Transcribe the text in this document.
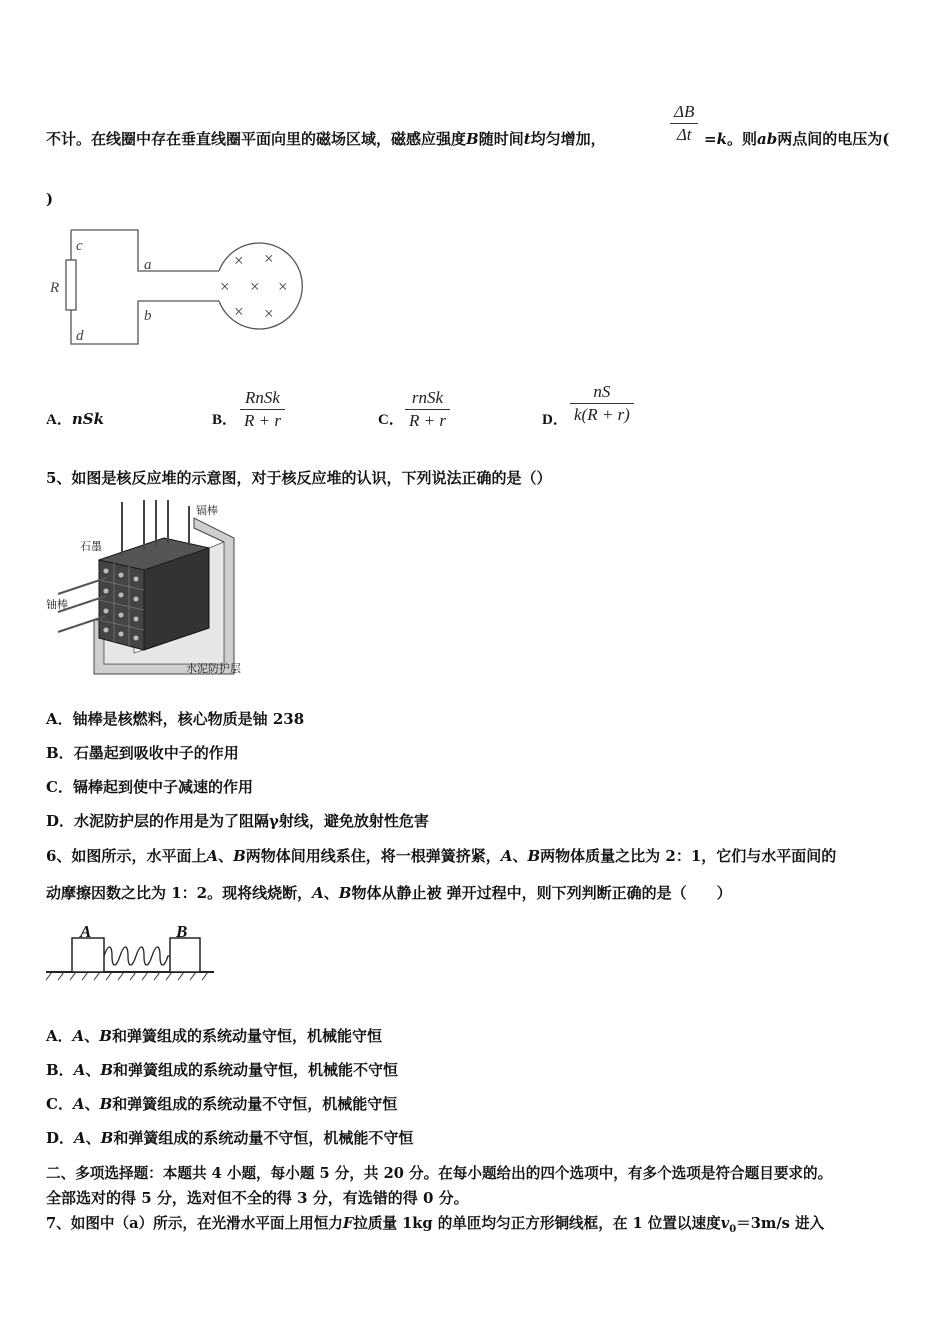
不计。在线圈中存在垂直线圈平面向里的磁场区域，磁感应强度B随时间t均匀增加，
ΔB
Δt =k。则ab两点间的电压为(
)
c
a
R
b
d
× ×
× × ×
× ×
A．nSk	B．
RnSk
R + r	C．
rnSk
R + r	D．
nS
k(R + r)
5、如图是核反应堆的示意图，对于核反应堆的认识，下列说法正确的是（）
镉棒
石墨
铀棒
水泥防护层
A．铀棒是核燃料，核心物质是铀 238
B．石墨起到吸收中子的作用
C．镉棒起到使中子减速的作用
D．水泥防护层的作用是为了阻隔γ射线，避免放射性危害
6、如图所示，水平面上A、B两物体间用线系住，将一根弹簧挤紧，A、B两物体质量之比为 2：1，它们与水平面间的
动摩擦因数之比为 1：2。现将线烧断，A、B物体从静止被 弹开过程中，则下列判断正确的是（　　）
A	B
A．A、B和弹簧组成的系统动量守恒，机械能守恒
B．A、B和弹簧组成的系统动量守恒，机械能不守恒
C．A、B和弹簧组成的系统动量不守恒，机械能守恒
D．A、B和弹簧组成的系统动量不守恒，机械能不守恒
二、多项选择题：本题共 4 小题，每小题 5 分，共 20 分。在每小题给出的四个选项中，有多个选项是符合题目要求的。
全部选对的得 5 分，选对但不全的得 3 分，有选错的得 0 分。
7、如图中（a）所示，在光滑水平面上用恒力F拉质量 1kg 的单匝均匀正方形铜线框，在 1 位置以速度$v_0=3m/s$ 进入
